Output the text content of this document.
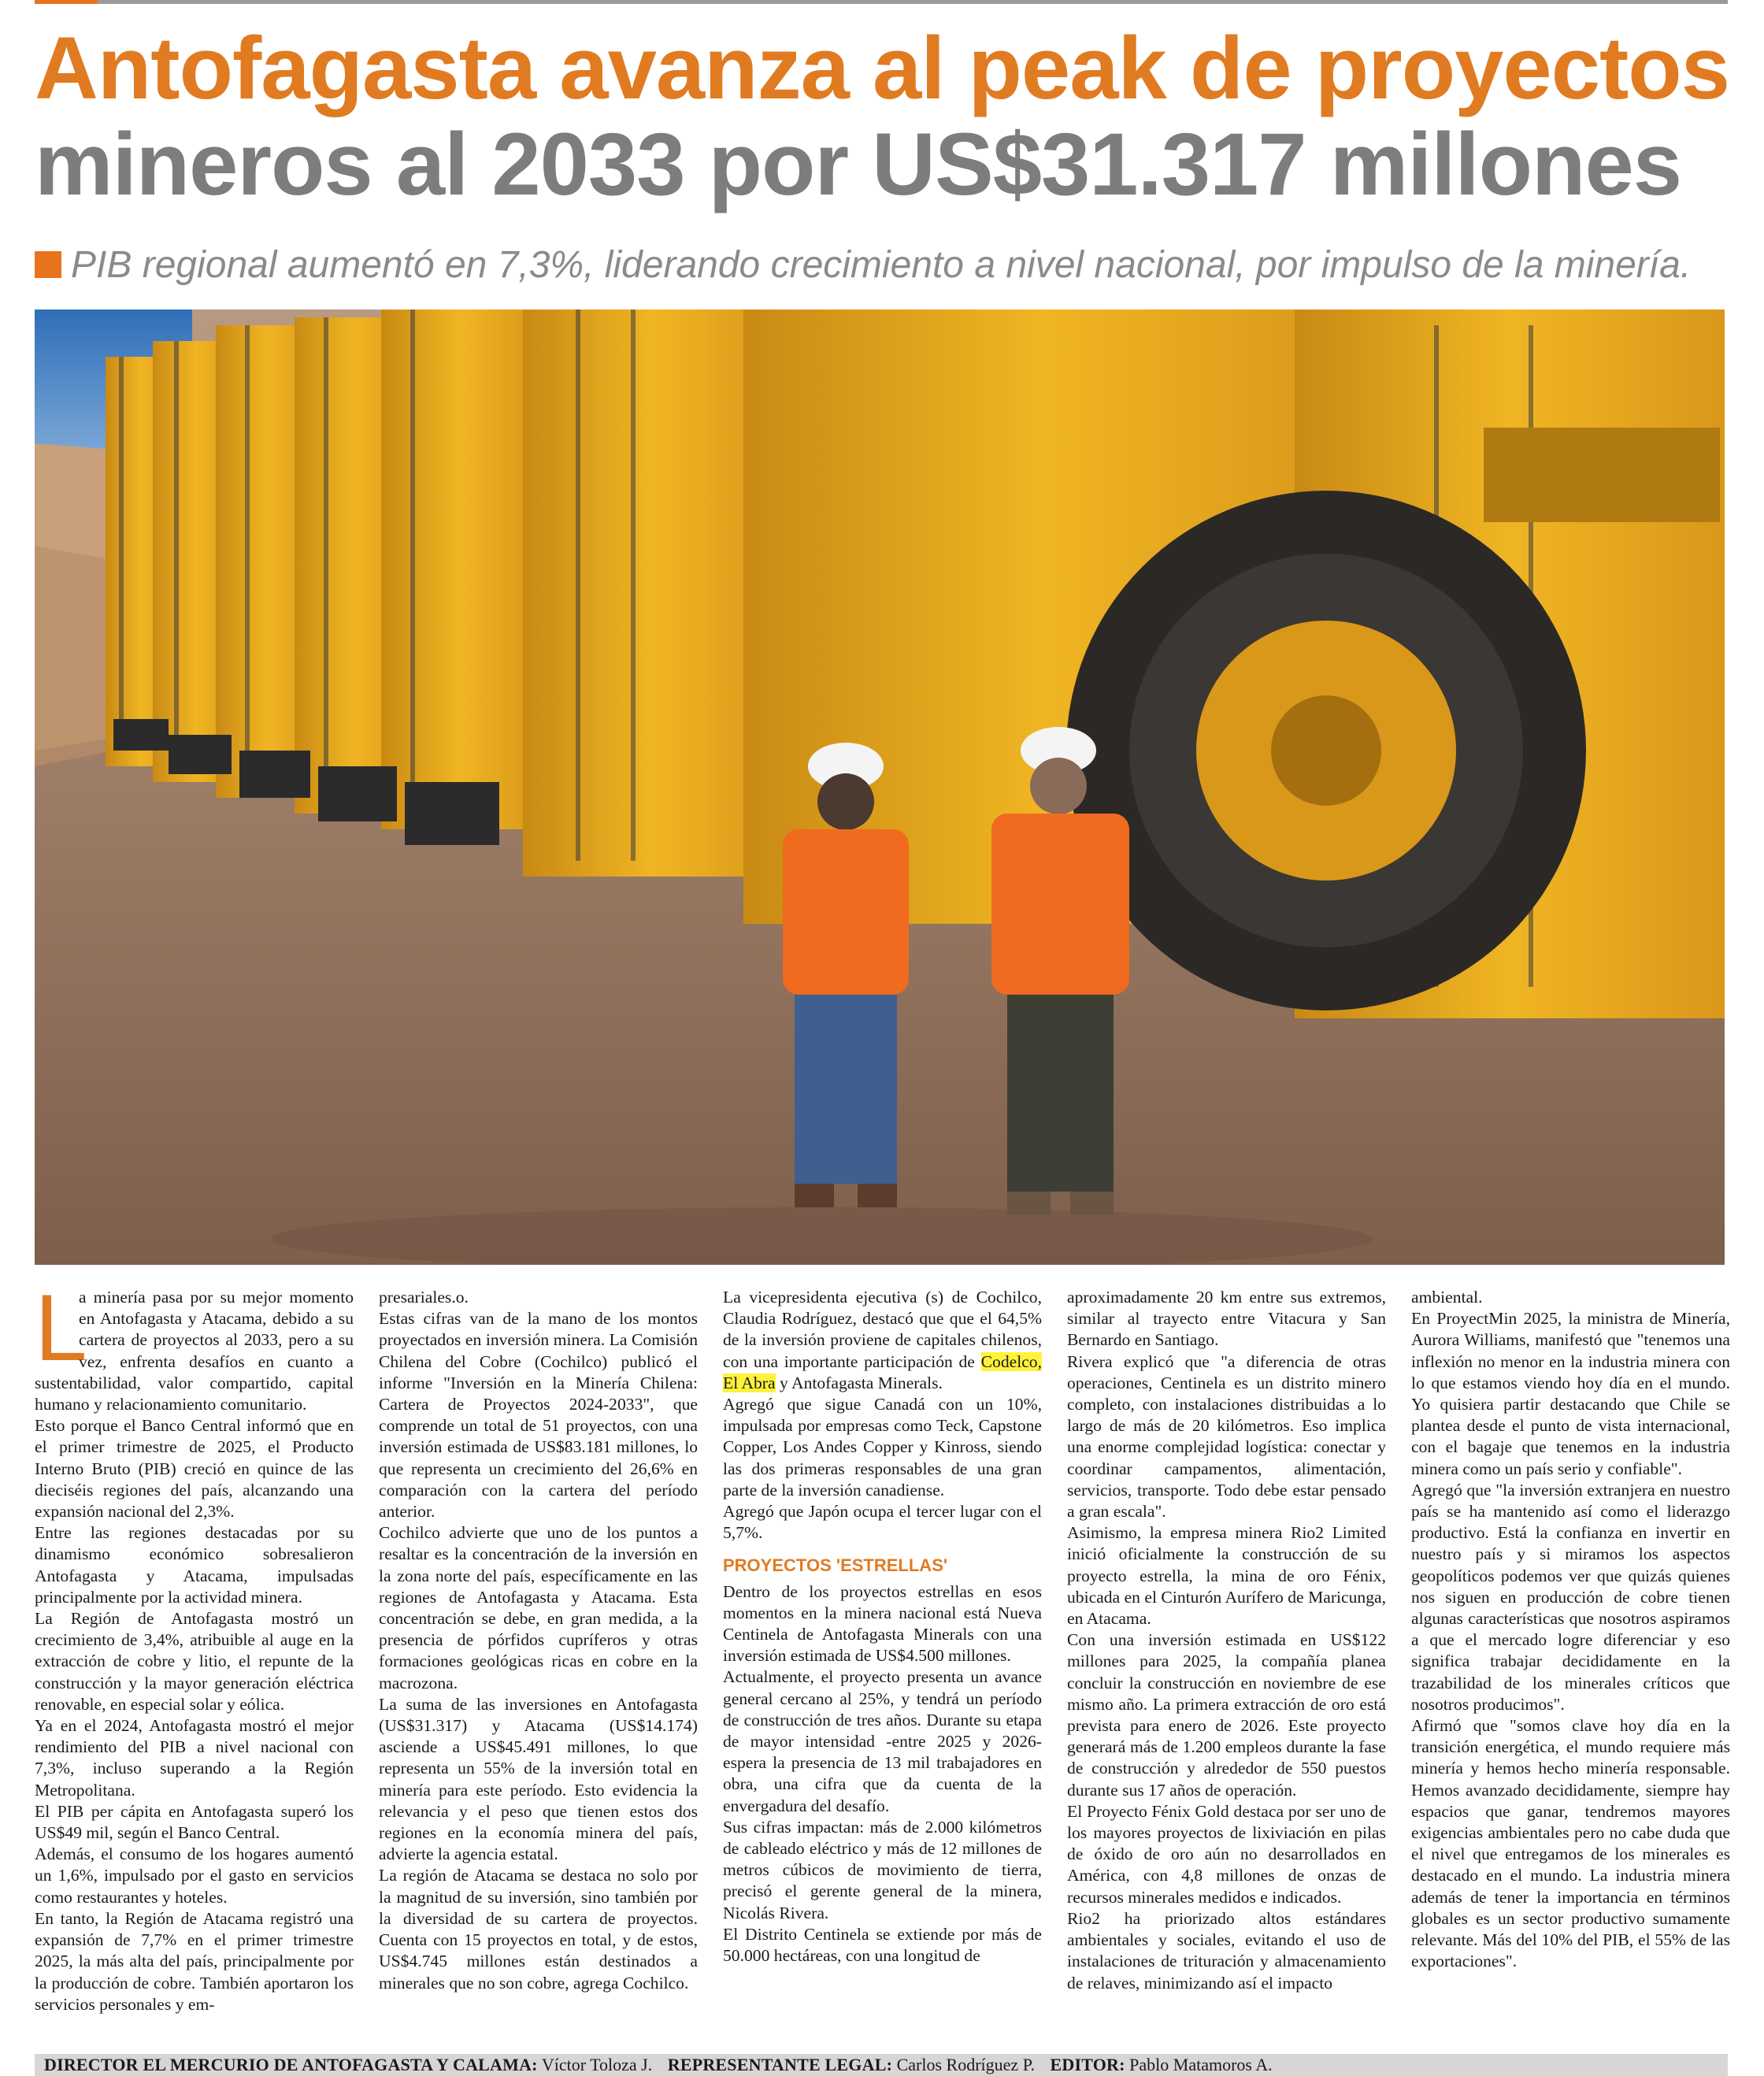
Antofagasta avanza al peak de proyectos
mineros al 2033 por US$31.317 millones
PIB regional aumentó en 7,3%, liderando crecimiento a nivel nacional, por impulso de la minería.
L

a minería pasa por su mejor momento en Antofagasta y Atacama, debido a su cartera de proyectos al 2033, pero a su vez, enfrenta desafíos en cuanto a sustentabilidad, valor compartido, capital humano y relacionamiento comunitario.

Esto porque el Banco Central informó que en el primer trimestre de 2025, el Producto Interno Bruto (PIB) creció en quince de las dieciséis regiones del país, alcanzando una expansión nacional del 2,3%.

Entre las regiones destacadas por su dinamismo económico sobresalieron Antofagasta y Atacama, impulsadas principalmente por la actividad minera.

La Región de Antofagasta mostró un crecimiento de 3,4%, atribuible al auge en la extracción de cobre y litio, el repunte de la construcción y la mayor generación eléctrica renovable, en especial solar y eólica.

Ya en el 2024, Antofagasta mostró el mejor rendimiento del PIB a nivel nacional con 7,3%, incluso superando a la Región Metropolitana.

El PIB per cápita en Antofagasta superó los US$49 mil, según el Banco Central.

Además, el consumo de los hogares aumentó un 1,6%, impulsado por el gasto en servicios como restaurantes y hoteles.

En tanto, la Región de Atacama registró una expansión de 7,7% en el primer trimestre 2025, la más alta del país, principalmente por la producción de cobre. También aportaron los servicios personales y em-

presariales.o.

Estas cifras van de la mano de los montos proyectados en inversión minera. La Comisión Chilena del Cobre (Cochilco) publicó el informe "Inversión en la Minería Chilena: Cartera de Proyectos 2024-2033", que comprende un total de 51 proyectos, con una inversión estimada de US$83.181 millones, lo que representa un crecimiento del 26,6% en comparación con la cartera del período anterior.

Cochilco advierte que uno de los puntos a resaltar es la concentración de la inversión en la zona norte del país, específicamente en las regiones de Antofagasta y Atacama. Esta concentración se debe, en gran medida, a la presencia de pórfidos cupríferos y otras formaciones geológicas ricas en cobre en la macrozona.

La suma de las inversiones en Antofagasta (US$31.317) y Atacama (US$14.174) asciende a US$45.491 millones, lo que representa un 55% de la inversión total en minería para este período. Esto evidencia la relevancia y el peso que tienen estos dos regiones en la economía minera del país, advierte la agencia estatal.

La región de Atacama se destaca no solo por la magnitud de su inversión, sino también por la diversidad de su cartera de proyectos. Cuenta con 15 proyectos en total, y de estos, US$4.745 millones están destinados a minerales que no son cobre, agrega Cochilco.

La vicepresidenta ejecutiva (s) de Cochilco, Claudia Rodríguez, destacó que que el 64,5% de la inversión proviene de capitales chilenos, con una importante participación de Codelco, El Abra y Antofagasta Minerals.

Agregó que sigue Canadá con un 10%, impulsada por empresas como Teck, Capstone Copper, Los Andes Copper y Kinross, siendo las dos primeras responsables de una gran parte de la inversión canadiense.

Agregó que Japón ocupa el tercer lugar con el 5,7%.

PROYECTOS 'ESTRELLAS'

Dentro de los proyectos estrellas en esos momentos en la minera nacional está Nueva Centinela de Antofagasta Minerals con una inversión estimada de US$4.500 millones.

Actualmente, el proyecto presenta un avance general cercano al 25%, y tendrá un período de construcción de tres años. Durante su etapa de mayor intensidad -entre 2025 y 2026- espera la presencia de 13 mil trabajadores en obra, una cifra que da cuenta de la envergadura del desafío.

Sus cifras impactan: más de 2.000 kilómetros de cableado eléctrico y más de 12 millones de metros cúbicos de movimiento de tierra, precisó el gerente general de la minera, Nicolás Rivera.

El Distrito Centinela se extiende por más de 50.000 hectáreas, con una longitud de

aproximadamente 20 km entre sus extremos, similar al trayecto entre Vitacura y San Bernardo en Santiago.

Rivera explicó que "a diferencia de otras operaciones, Centinela es un distrito minero completo, con instalaciones distribuidas a lo largo de más de 20 kilómetros. Eso implica una enorme complejidad logística: conectar y coordinar campamentos, alimentación, servicios, transporte. Todo debe estar pensado a gran escala".

Asimismo, la empresa minera Rio2 Limited inició oficialmente la construcción de su proyecto estrella, la mina de oro Fénix, ubicada en el Cinturón Aurífero de Maricunga, en Atacama.

Con una inversión estimada en US$122 millones para 2025, la compañía planea concluir la construcción en noviembre de ese mismo año. La primera extracción de oro está prevista para enero de 2026. Este proyecto generará más de 1.200 empleos durante la fase de construcción y alrededor de 550 puestos durante sus 17 años de operación.

El Proyecto Fénix Gold destaca por ser uno de los mayores proyectos de lixiviación en pilas de óxido de oro aún no desarrollados en América, con 4,8 millones de onzas de recursos minerales medidos e indicados.

Rio2 ha priorizado altos estándares ambientales y sociales, evitando el uso de instalaciones de trituración y almacenamiento de relaves, minimizando así el impacto

ambiental.

En ProyectMin 2025, la ministra de Minería, Aurora Williams, manifestó que "tenemos una inflexión no menor en la industria minera con lo que estamos viendo hoy día en el mundo. Yo quisiera partir destacando que Chile se plantea desde el punto de vista internacional, con el bagaje que tenemos en la industria minera como un país serio y confiable".

Agregó que "la inversión extranjera en nuestro país se ha mantenido así como el liderazgo productivo. Está la confianza en invertir en nuestro país y si miramos los aspectos geopolíticos podemos ver que quizás quienes nos siguen en producción de cobre tienen algunas características que nosotros aspiramos a que el mercado logre diferenciar y eso significa trabajar decididamente en la trazabilidad de los minerales críticos que nosotros producimos".

Afirmó que "somos clave hoy día en la transición energética, el mundo requiere más minería y hemos hecho minería responsable. Hemos avanzado decididamente, siempre hay espacios que ganar, tendremos mayores exigencias ambientales pero no cabe duda que el nivel que entregamos de los minerales es destacado en el mundo. La industria minera además de tener la importancia en términos globales es un sector productivo sumamente relevante. Más del 10% del PIB, el 55% de las exportaciones".

DIRECTOR EL MERCURIO DE ANTOFAGASTA Y CALAMA: Víctor Toloza J. REPRESENTANTE LEGAL: Carlos Rodríguez P. EDITOR: Pablo Matamoros A.
